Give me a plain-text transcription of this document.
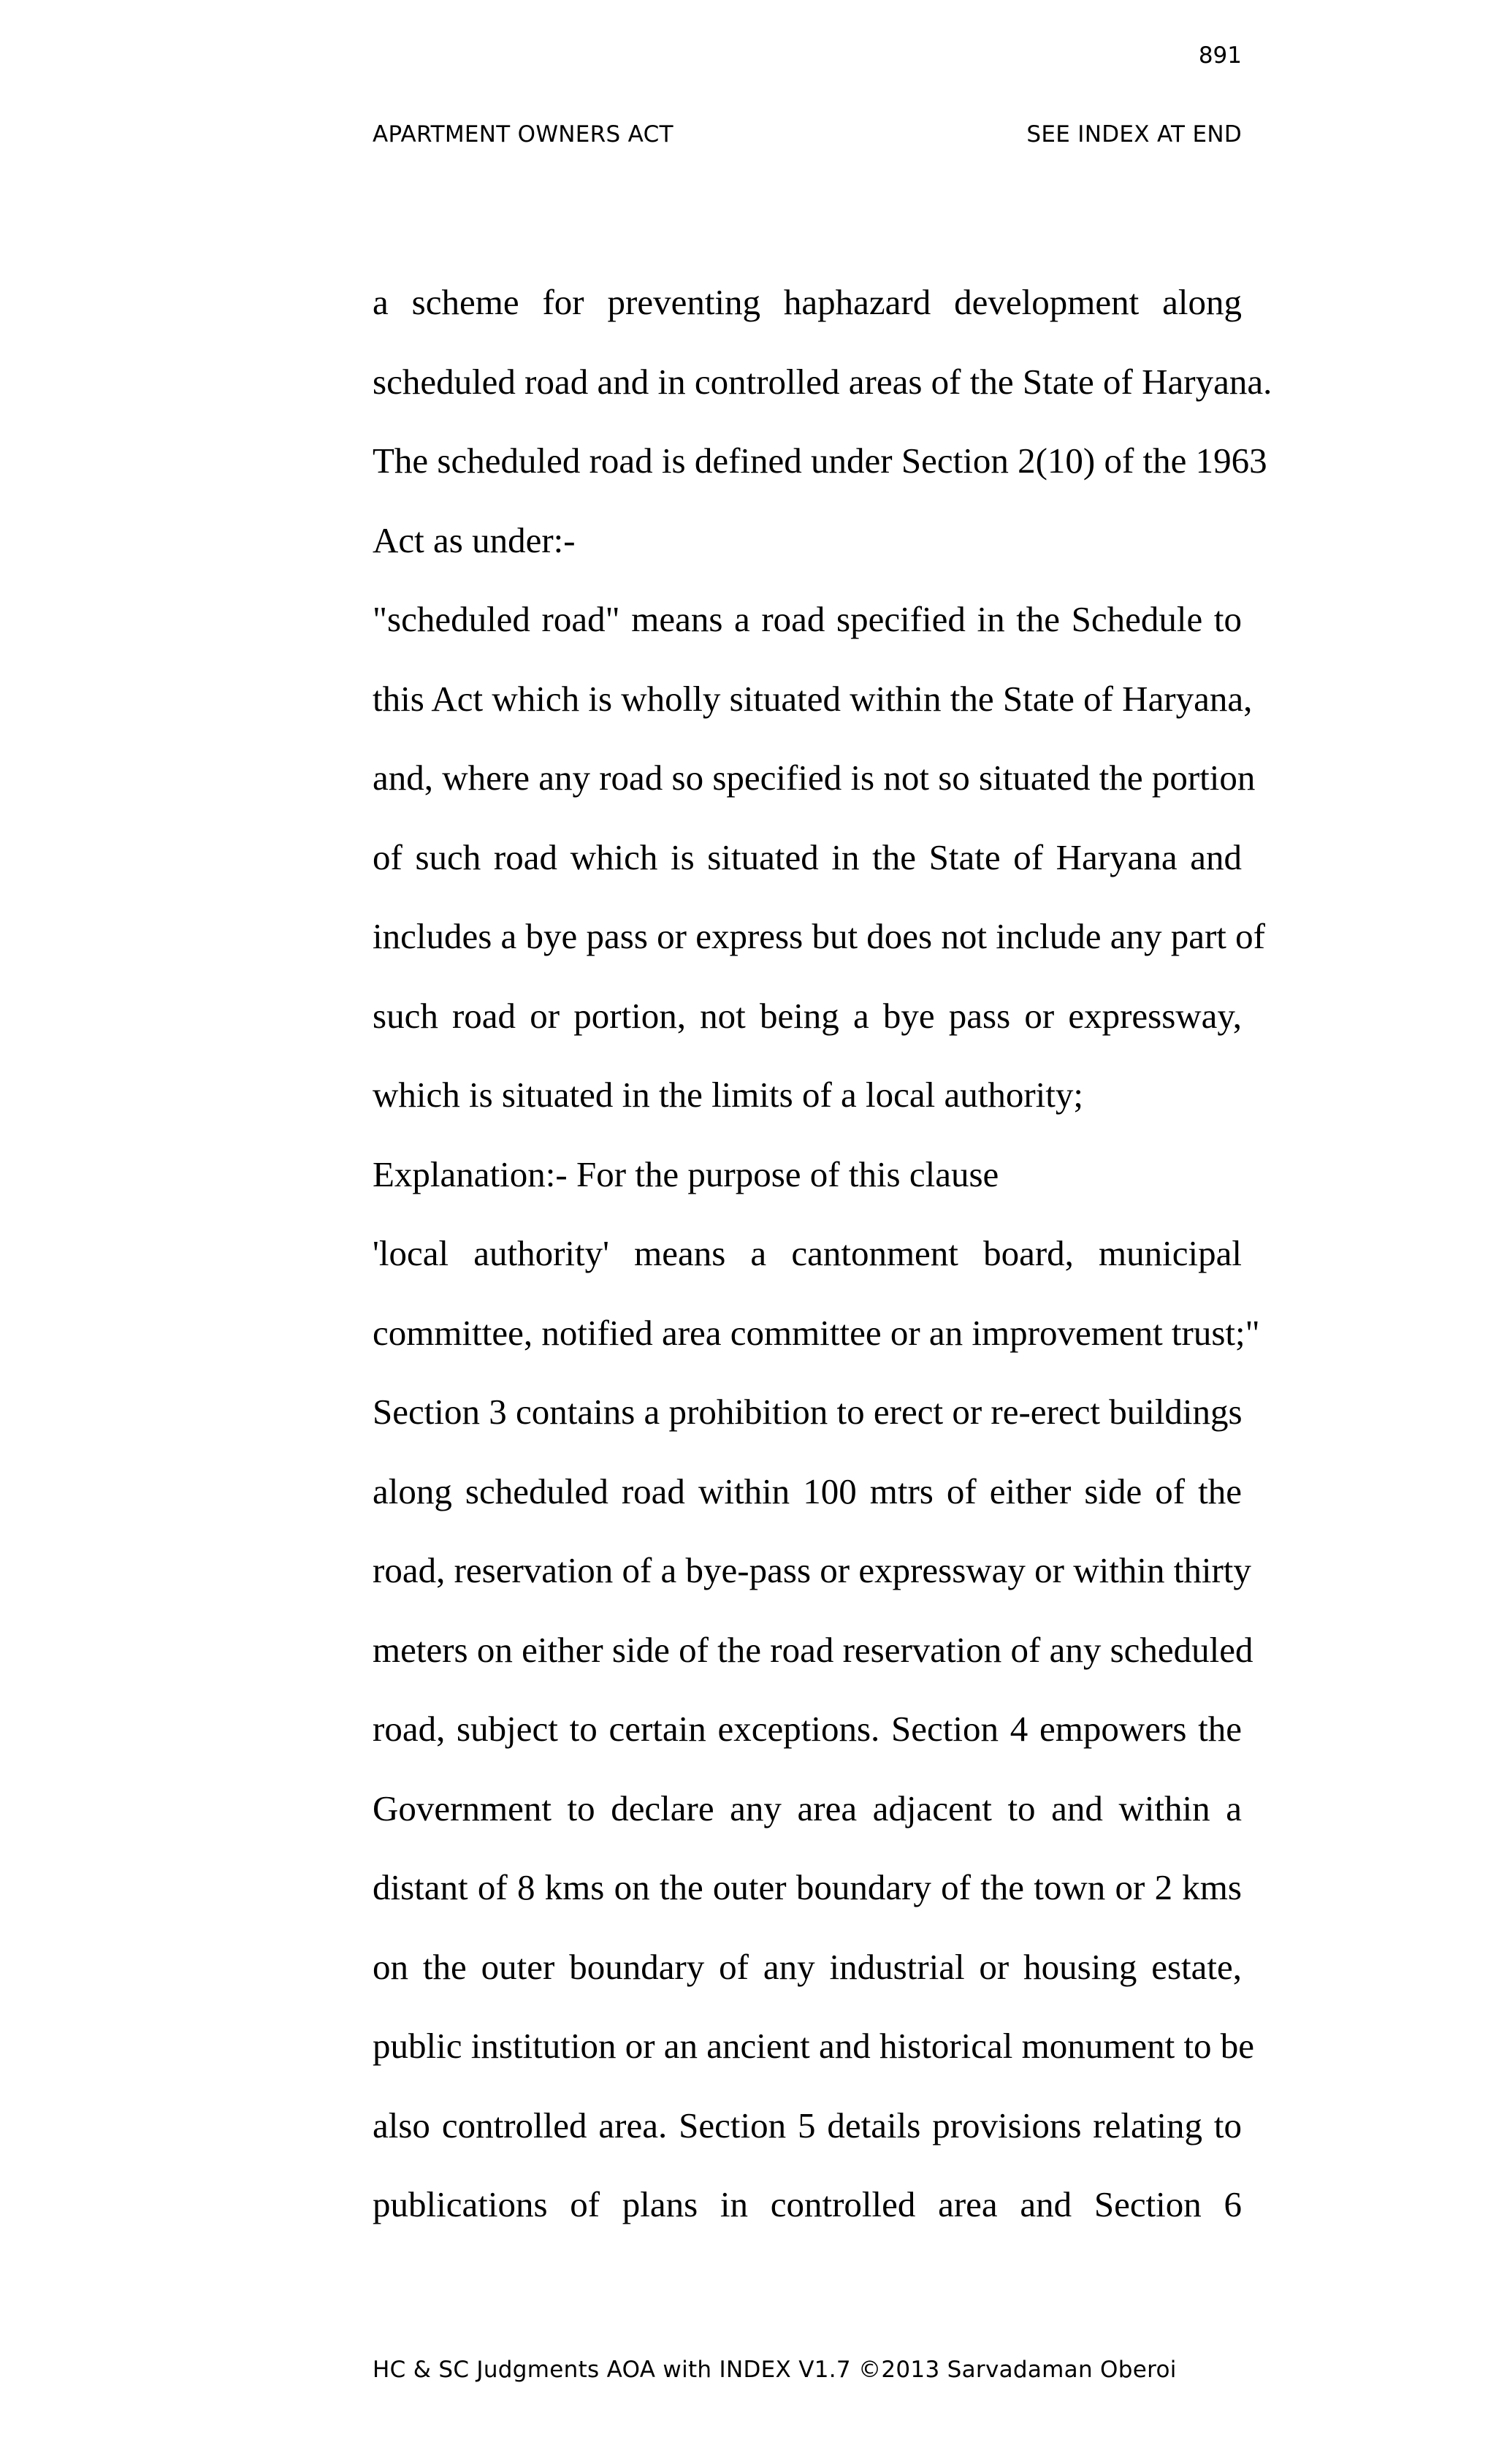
891
APARTMENT OWNERS ACT	SEE INDEX AT END
a scheme for preventing haphazard development along
scheduled road and in controlled areas of the State of Haryana.
The scheduled road is defined under Section 2(10) of the 1963
Act as under:-
"scheduled road" means a road specified in the Schedule to
this Act which is wholly situated within the State of Haryana,
and, where any road so specified is not so situated the portion
of such road which is situated in the State of Haryana and
includes a bye pass or express but does not include any part of
such road or portion, not being a bye pass or expressway,
which is situated in the limits of a local authority;
Explanation:- For the purpose of this clause
'local authority' means a cantonment board, municipal
committee, notified area committee or an improvement trust;"
Section 3 contains a prohibition to erect or re-erect buildings
along scheduled road within 100 mtrs of either side of the
road, reservation of a bye-pass or expressway or within thirty
meters on either side of the road reservation of any scheduled
road, subject to certain exceptions. Section 4 empowers the
Government to declare any area adjacent to and within a
distant of 8 kms on the outer boundary of the town or 2 kms
on the outer boundary of any industrial or housing estate,
public institution or an ancient and historical monument to be
also controlled area. Section 5 details provisions relating to
publications of plans in controlled area and Section 6
HC & SC Judgments AOA with INDEX V1.7 ©2013 Sarvadaman Oberoi
